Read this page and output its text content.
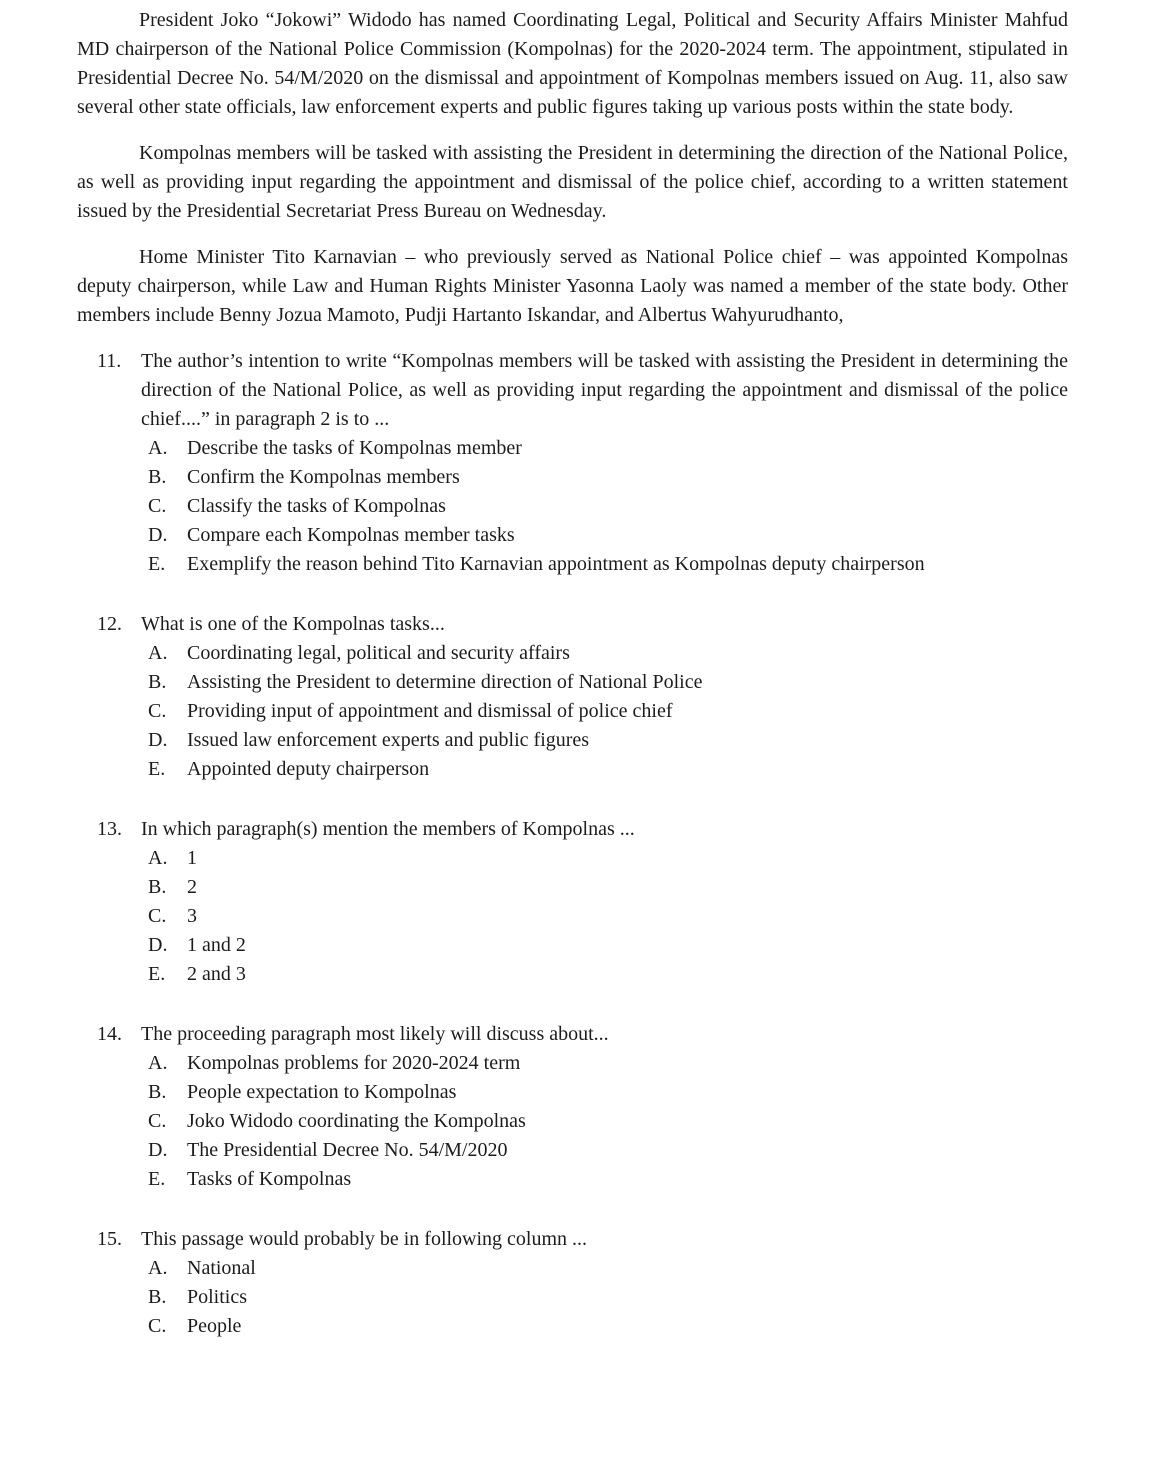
President Joko “Jokowi” Widodo has named Coordinating Legal, Political and Security Affairs Minister Mahfud MD chairperson of the National Police Commission (Kompolnas) for the 2020-2024 term. The appointment, stipulated in Presidential Decree No. 54/M/2020 on the dismissal and appointment of Kompolnas members issued on Aug. 11, also saw several other state officials, law enforcement experts and public figures taking up various posts within the state body.

Kompolnas members will be tasked with assisting the President in determining the direction of the National Police, as well as providing input regarding the appointment and dismissal of the police chief, according to a written statement issued by the Presidential Secretariat Press Bureau on Wednesday.

Home Minister Tito Karnavian – who previously served as National Police chief – was appointed Kompolnas deputy chairperson, while Law and Human Rights Minister Yasonna Laoly was named a member of the state body. Other members include Benny Jozua Mamoto, Pudji Hartanto Iskandar, and Albertus Wahyurudhanto,

11. The author’s intention to write “Kompolnas members will be tasked with assisting the President in determining the direction of the National Police, as well as providing input regarding the appointment and dismissal of the police chief....” in paragraph 2 is to ...
A. Describe the tasks of Kompolnas member
B.	Confirm the Kompolnas members
C.	Classify the tasks of Kompolnas
D. Compare each Kompolnas member tasks
E.	Exemplify the reason behind Tito Karnavian appointment as Kompolnas deputy chairperson
12. What is one of the Kompolnas tasks...
A. Coordinating legal, political and security affairs
B.	Assisting the President to determine direction of National Police
C.	Providing input of appointment and dismissal of police chief
D. Issued law enforcement experts and public figures
E.	Appointed deputy chairperson
13. In which paragraph(s) mention the members of Kompolnas ...
A. 1
B.	2
C.	3
D. 1 and 2
E.	2 and 3
14. The proceeding paragraph most likely will discuss about...
A. Kompolnas problems for 2020-2024 term
B.	People expectation to Kompolnas
C.	Joko Widodo coordinating the Kompolnas
D. The Presidential Decree No. 54/M/2020
E.	Tasks of Kompolnas
15. This passage would probably be in following column ...
A. National
B.	Politics
C.	People
